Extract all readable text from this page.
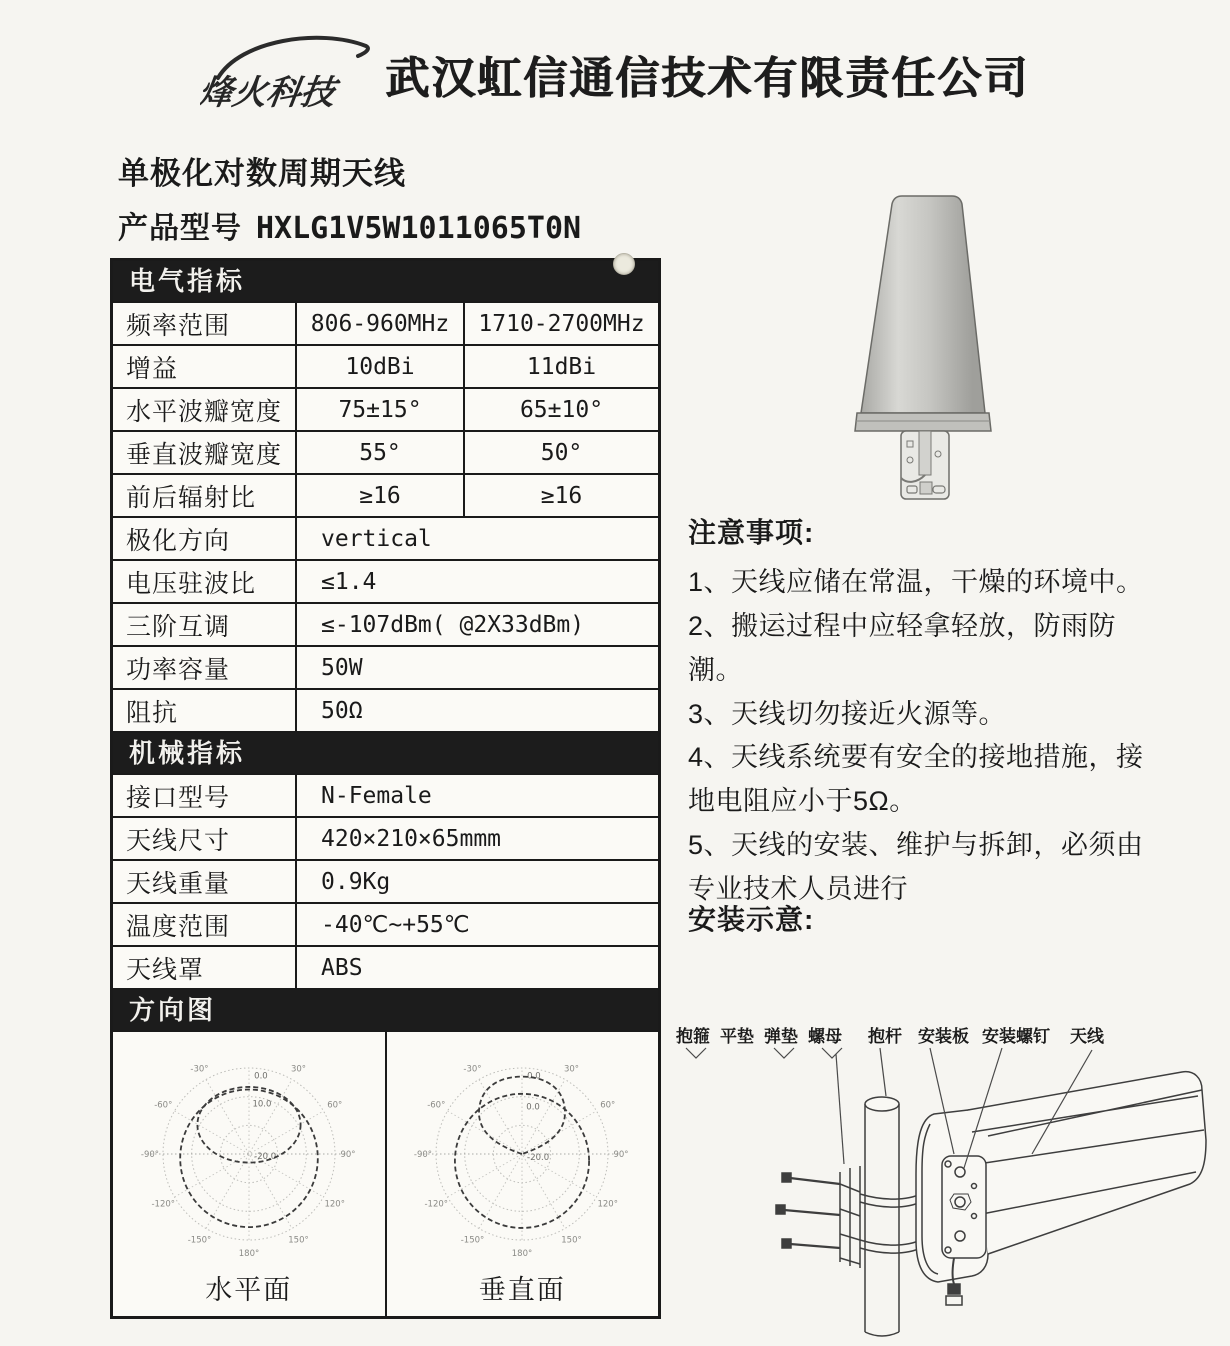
烽火科技 武汉虹信通信技术有限责任公司
单极化对数周期天线
产品型号 HXLG1V5W1011065T0N
电气指标
频率范围	806-960MHz	1710-2700MHz
增益	10dBi	11dBi
水平波瓣宽度	75±15°	65±10°
垂直波瓣宽度	55°	50°
前后辐射比	≥16	≥16
极化方向	vertical
电压驻波比	≤1.4
三阶互调	≤-107dBm( @2X33dBm)
功率容量	50W
阻抗	50Ω
机械指标
接口型号	N-Female
天线尺寸	420×210×65mmm
天线重量	0.9Kg
温度范围	-40℃~+55℃
天线罩	ABS
方向图
-30°	30°
-60°	60°
-90°	90°
-120°	120°
-150°	150°
180°
0.0
10.0
-20.0
水平面
-30°	30°
-60°	60°
-90°	90°
-120°	120°
-150°	150°
180°
0.0
0.0
-20.0
垂直面
注意事项:
1、天线应储在常温，干燥的环境中。
2、搬运过程中应轻拿轻放，防雨防潮。
3、天线切勿接近火源等。
4、天线系统要有安全的接地措施，接地电阻应小于5Ω。
5、天线的安装、维护与拆卸，必须由专业技术人员进行
安装示意:
抱箍 平垫 弹垫 螺母 抱杆 安装板 安装螺钉 天线
